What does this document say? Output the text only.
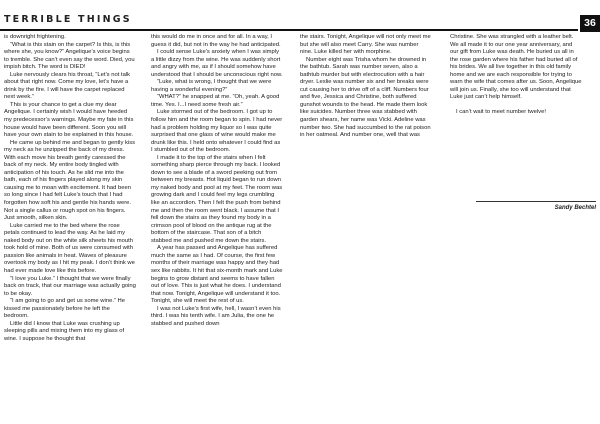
TERRIBLE THINGS	36

is downright frightening.

“What is this stain on the carpet? Is this, is this where she, you know?” Angelique’s voice begins to tremble. She can’t even say the word. Died, you impish bitch. The word is DIED!

Luke nervously clears his throat, “Let’s not talk about that right now. Come my love, let’s have a drink by the fire. I will have the carpet replaced next week.”

This is your chance to get a clue my dear Angelique. I certainly wish I would have heeded my predecessor’s warnings. Maybe my fate in this house would have been different. Soon you will have your own stain to be explained in this house.

He came up behind me and began to gently kiss my neck as he unzipped the back of my dress. With each move his breath gently caressed the back of my neck. My entire body tingled with anticipation of his touch. As he slid me into the bath, each of his fingers played along my skin causing me to moan with excitement. It had been so long since I had felt Luke’s touch that I had forgotten how soft his and gentle his hands were. Not a single callus or rough spot on his fingers. Just smooth, silken skin.

Luke carried me to the bed where the rose petals continued to lead the way. As he laid my naked body out on the white silk sheets his mouth took hold of mine. Both of us were consumed with passion like animals in heat. Waves of pleasure overtook my body as I hit my peak. I don’t think we had ever made love like this before.

“I love you Luke.” I thought that we were finally back on track, that our marriage was actually going to be okay.

“I am going to go and get us some wine.” He kissed me passionately before he left the bedroom.

Little did I know that Luke was crushing up sleeping pills and mixing them into my glass of wine. I suppose he thought that

this would do me in once and for all. In a way, I guess it did, but not in the way he had anticipated.

I could sense Luke’s anxiety when I was simply a little dizzy from the wine. He was suddenly short and angry with me, as if I should somehow have understood that I should be unconscious right now.

“Luke, what is wrong, I thought that we were having a wonderful evening?”

“WHAT?” he snapped at me. “Oh, yeah. A good time. Yes. I...I need some fresh air.”

Luke stormed out of the bedroom. I got up to follow him and the room began to spin. I had never had a problem holding my liquor so I was quite surprised that one glass of wine would make me drunk like this. I held onto whatever I could find as I stumbled out of the bedroom.

I made it to the top of the stairs when I felt something sharp pierce through my back. I looked down to see a blade of a sword peeking out from between my breasts. Hot liquid began to run down my naked body and pool at my feet. The room was growing dark and I could feel my legs crumbling like an accordion. Then I felt the push from behind me and then the room went black. I assume that I fell down the stairs as they found my body in a crimson pool of blood on the antique rug at the bottom of the staircase. That son of a bitch stabbed me and pushed me down the stairs.

A year has passed and Angelique has suffered much the same as I had. Of course, the first few months of their marriage was happy and they had sex like rabbits. It hit that six-month mark and Luke begins to grow distant and seems to have fallen out of love. This is just what he does. I understand that now. Tonight, Angelique will understand it too. Tonight, she will meet the rest of us.

I was not Luke’s first wife, hell, I wasn’t even his third. I was his tenth wife. I am Julia, the one he stabbed and pushed down

the stairs. Tonight, Angelique will not only meet me but she will also meet Carry. She was number nine. Luke killed her with morphine.

Number eight was Trisha whom he drowned in the bathtub. Sarah was number seven, also a bathtub murder but with electrocution with a hair dryer. Leslie was number six and her breaks were cut causing her to drive off of a cliff. Numbers four and five, Jessica and Christine, both suffered gunshot wounds to the head. He made them look like suicides. Number three was stabbed with garden shears, her name was Vicki. Adeline was number two. She had succumbed to the rat poison in her oatmeal. And number one, well that was

Christine. She was strangled with a leather belt. We all made it to our one year anniversary, and our gift from Luke was death. He buried us all in the rose garden where his father had buried all of his brides. We all live together in this old family home and we are each responsible for trying to warn the wife that comes after us. Soon, Angelique will join us. Finally, she too will understand that Luke just can’t help himself.

I can’t wait to meet number twelve!

Sandy Bechtel
